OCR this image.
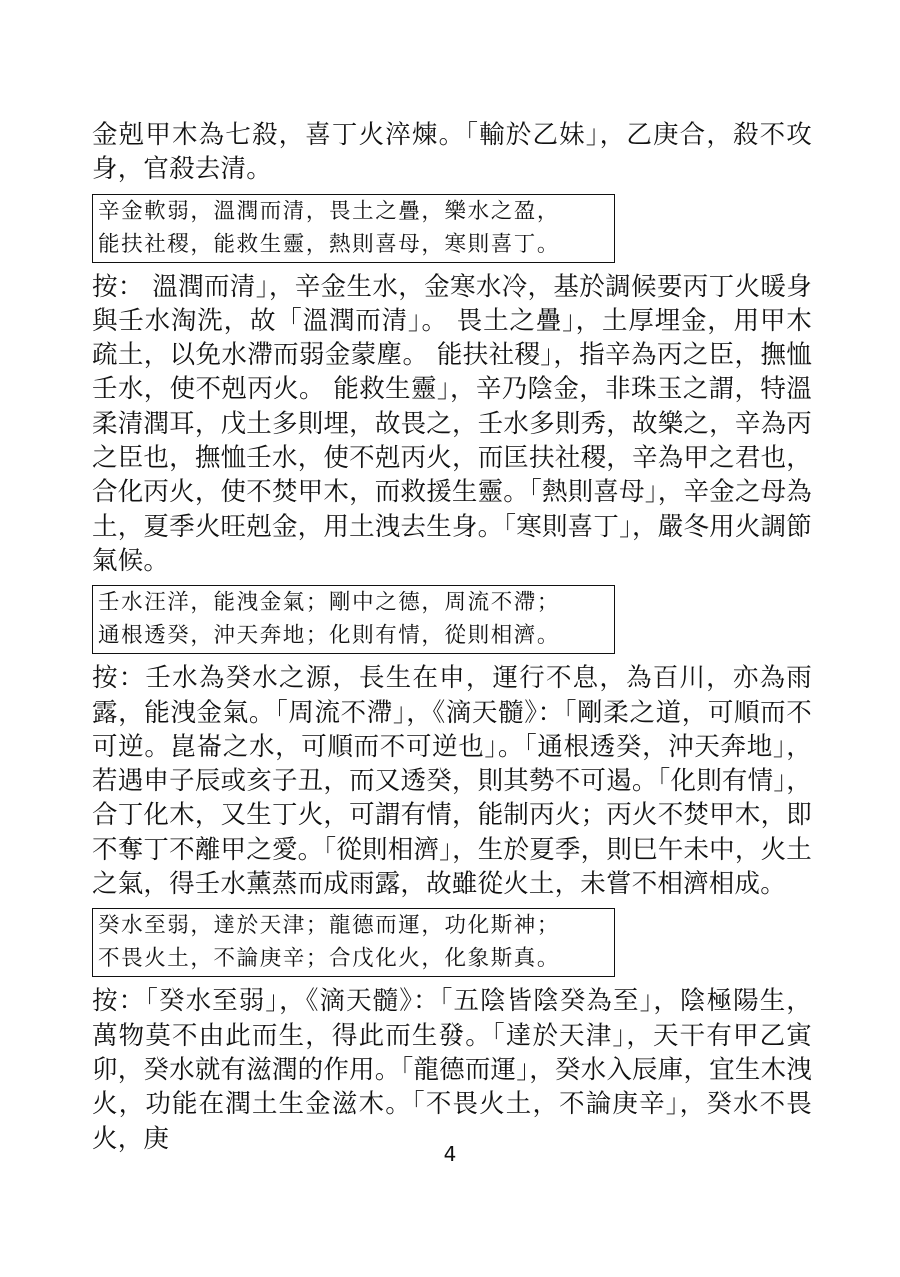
金剋甲木為七殺，喜丁火淬煉。「輸於乙妹」，乙庚合，殺不攻身，官殺去清。

辛金軟弱，溫潤而清，畏土之疊，樂水之盈，
能扶社稷，能救生靈，熱則喜母，寒則喜丁。

按： 溫潤而清」，辛金生水，金寒水冷，基於調候要丙丁火暖身與壬水淘洗，故「溫潤而清」。 畏土之疊」，土厚埋金，用甲木疏土，以免水滯而弱金蒙塵。 能扶社稷」，指辛為丙之臣，撫恤壬水，使不剋丙火。 能救生靈」，辛乃陰金，非珠玉之謂，特溫柔清潤耳，戊土多則埋，故畏之，壬水多則秀，故樂之，辛為丙之臣也，撫恤壬水，使不剋丙火，而匡扶社稷，辛為甲之君也，合化丙火，使不焚甲木，而救援生靈。「熱則喜母」，辛金之母為土，夏季火旺剋金，用土洩去生身。「寒則喜丁」，嚴冬用火調節氣候。

壬水汪洋，能洩金氣；剛中之德，周流不滯；
通根透癸，沖天奔地；化則有情，從則相濟。

按：壬水為癸水之源，長生在申，運行不息，為百川，亦為雨露，能洩金氣。「周流不滯」，《滴天髓》：「剛柔之道，可順而不可逆。崑崙之水，可順而不可逆也」。「通根透癸，沖天奔地」，若遇申子辰或亥子丑，而又透癸，則其勢不可遏。「化則有情」，合丁化木，又生丁火，可謂有情，能制丙火；丙火不焚甲木，即不奪丁不離甲之愛。「從則相濟」，生於夏季，則巳午未中，火土之氣，得壬水薰蒸而成雨露，故雖從火土，未嘗不相濟相成。

癸水至弱，達於天津；龍德而運，功化斯神；
不畏火土，不論庚辛；合戊化火，化象斯真。

按：「癸水至弱」，《滴天髓》：「五陰皆陰癸為至」，陰極陽生，萬物莫不由此而生，得此而生發。「達於天津」，天干有甲乙寅卯，癸水就有滋潤的作用。「龍德而運」，癸水入辰庫，宜生木洩火，功能在潤土生金滋木。「不畏火土，不論庚辛」，癸水不畏火，庚

4
